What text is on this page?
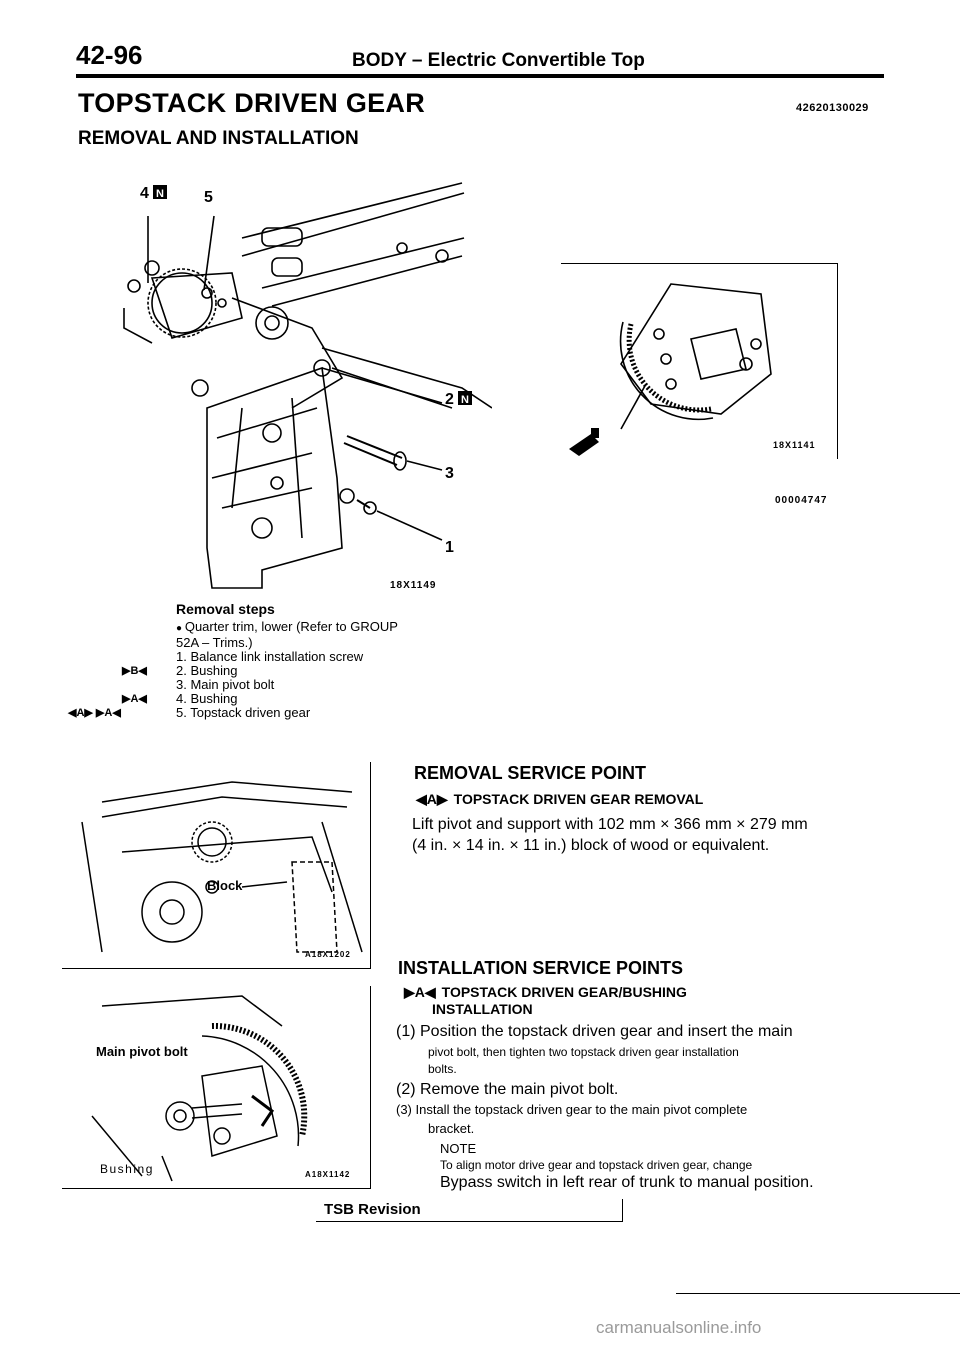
42-96	BODY – Electric Convertible Top
TOPSTACK DRIVEN GEAR	42620130029
REMOVAL AND INSTALLATION
4 N	5
2 N
3
1
18X1149
18X1141
00004747
Removal steps
● Quarter trim, lower (Refer to GROUP
52A – Trims.)
1. Balance link installation screw
▶B◀ 2. Bushing
3. Main pivot bolt
▶A◀ 4. Bushing
◀A▶ ▶A◀	5. Topstack driven gear
Block
A18X1202
Main pivot bolt
Bushing	A18X1142
REMOVAL SERVICE POINT
◀A▶ TOPSTACK DRIVEN GEAR REMOVAL
Lift pivot and support with 102 mm × 366 mm × 279 mm
(4 in. × 14 in. × 11 in.) block of wood or equivalent.
INSTALLATION SERVICE POINTS
▶A◀ TOPSTACK DRIVEN GEAR/BUSHING
INSTALLATION
(1) Position the topstack driven gear and insert the main
pivot bolt, then tighten two topstack driven gear installation
bolts.
(2) Remove the main pivot bolt.
(3) Install the topstack driven gear to the main pivot complete
bracket.
NOTE
To align motor drive gear and topstack driven gear, change
Bypass switch in left rear of trunk to manual position.
TSB Revision
carmanualsonline.info
